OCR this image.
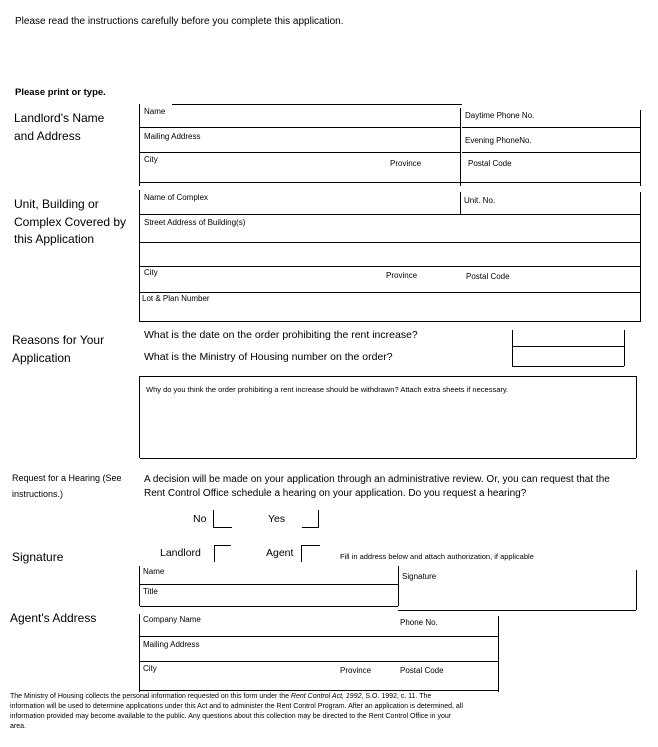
Please read the instructions carefully before you complete this application.
Please print or type.
Landlord's Name and Address
Name
Mailing Address
City	Province	Postal Code
Daytime Phone No.
Evening PhoneNo.
Unit, Building or Complex Covered by this Application
Name of Complex	Unit. No.
Street Address of Building(s)
City	Province	Postal Code
Lot & Plan Number
Reasons for Your Application
What is the date on the order prohibiting the rent increase?
What is the Ministry of Housing number on the order?
Why do you think the order prohibiting a rent increase should be withdrawn? Attach extra sheets if necessary.
Request for a Hearing (See instructions.)
A decision will be made on your application through an administrative review. Or, you can request that the Rent Control Office schedule a hearing on your application. Do you request a hearing?
No	Yes
Signature	Landlord	Agent	Fill in address below and attach authorization, if applicable
Name
Title
Signature
Agent's Address	Company Name	Phone No.
Mailing Address
City	Province	Postal Code
The Ministry of Housing collects the personal information requested on this form under the Rent Control Act, 1992, S.O. 1992, c. 11. The information will be used to determine applications under this Act and to administer the Rent Control Program. After an application is determined, all information provided may become available to the public. Any questions about this collection may be directed to the Rent Control Office in your area.
